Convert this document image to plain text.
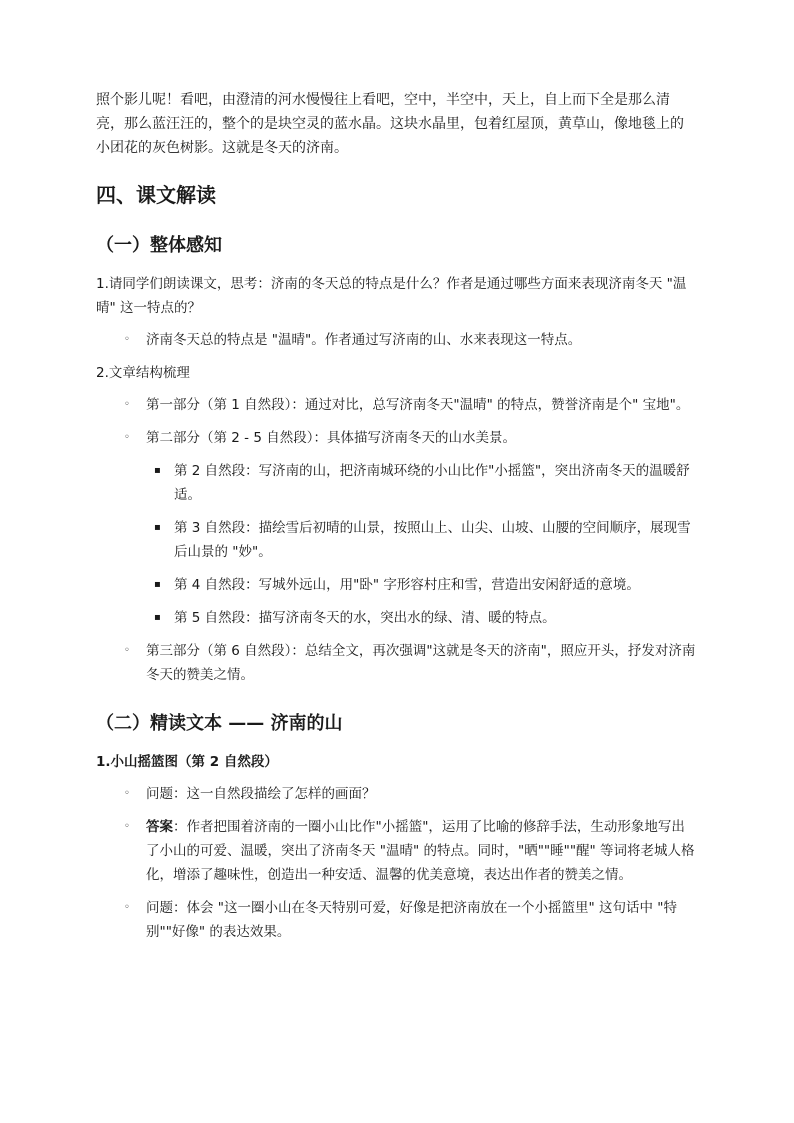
照个影儿呢！看吧，由澄清的河水慢慢往上看吧，空中，半空中，天上，自上而下全是那么清亮，那么蓝汪汪的，整个的是块空灵的蓝水晶。这块水晶里，包着红屋顶，黄草山，像地毯上的小团花的灰色树影。这就是冬天的济南。

四、课文解读
（一）整体感知

1.请同学们朗读课文，思考：济南的冬天总的特点是什么？作者是通过哪些方面来表现济南冬天 "温晴" 这一特点的？

◦ 济南冬天总的特点是 "温晴"。作者通过写济南的山、水来表现这一特点。

2.文章结构梳理

◦ 第一部分（第 1 自然段）：通过对比，总写济南冬天"温晴" 的特点，赞誉济南是个" 宝地"。
◦ 第二部分（第 2 - 5 自然段）：具体描写济南冬天的山水美景。
▪ 第 2 自然段：写济南的山，把济南城环绕的小山比作"小摇篮"，突出济南冬天的温暖舒适。
▪ 第 3 自然段：描绘雪后初晴的山景，按照山上、山尖、山坡、山腰的空间顺序，展现雪后山景的 "妙"。
▪ 第 4 自然段：写城外远山，用"卧" 字形容村庄和雪，营造出安闲舒适的意境。
▪ 第 5 自然段：描写济南冬天的水，突出水的绿、清、暖的特点。
◦ 第三部分（第 6 自然段）：总结全文，再次强调"这就是冬天的济南"，照应开头，抒发对济南冬天的赞美之情。
（二）精读文本 —— 济南的山

1.小山摇篮图（第 2 自然段）

◦ 问题：这一自然段描绘了怎样的画面？
◦ 答案：作者把围着济南的一圈小山比作"小摇篮"，运用了比喻的修辞手法，生动形象地写出了小山的可爱、温暖，突出了济南冬天 "温晴" 的特点。同时，"晒""睡""醒" 等词将老城人格化，增添了趣味性，创造出一种安适、温馨的优美意境，表达出作者的赞美之情。
◦ 问题：体会 "这一圈小山在冬天特别可爱，好像是把济南放在一个小摇篮里" 这句话中 "特别""好像" 的表达效果。
